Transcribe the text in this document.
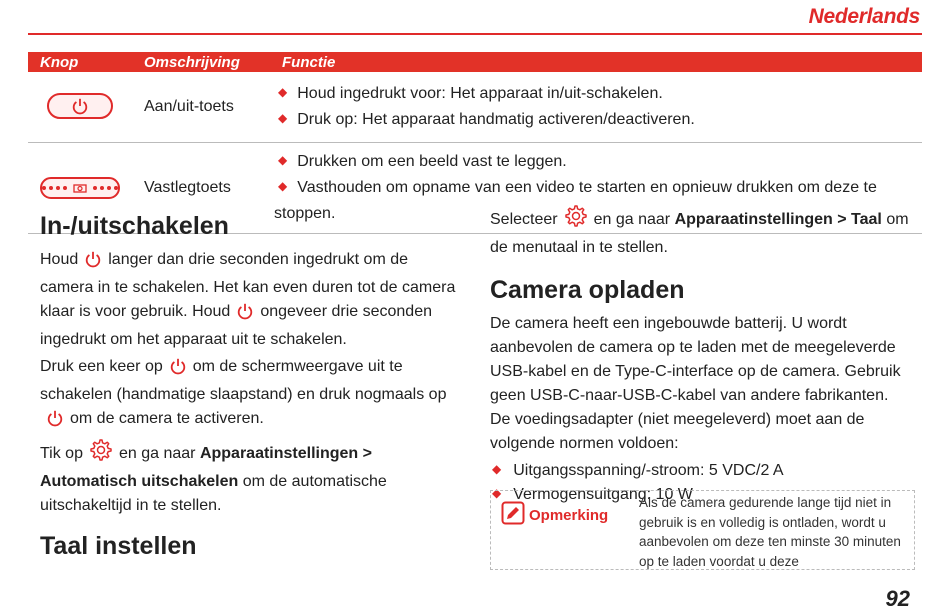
Nederlands
Knop	Omschrijving	Functie

	Aan/uit-toets	◆ Houd ingedrukt voor: Het apparaat in/uit-schakelen.
◆ Druk op: Het apparaat handmatig activeren/deactiveren.

	Vastlegtoets	◆ Drukken om een beeld vast te leggen.
◆ Vasthouden om opname van een video te starten en opnieuw drukken om deze te stoppen.
In-/uitschakelen

Houd langer dan drie seconden ingedrukt om de camera in te schakelen. Het kan even duren tot de camera klaar is voor gebruik. Houd ongeveer drie seconden ingedrukt om het apparaat uit te schakelen.

Druk een keer op om de schermweergave uit te schakelen (handmatige slaapstand) en druk nogmaals opom de camera te activeren.

Tik op en ga naar Apparaatinstellingen > Automatisch uitschakelen om de automatische uitschakeltijd in te stellen.

Taal instellen

Selecteer en ga naar Apparaatinstellingen > Taal om de menutaal in te stellen.

Camera opladen

De camera heeft een ingebouwde batterij. U wordt aanbevolen de camera op te laden met de meegeleverde USB-kabel en de Type-C-interface op de camera. Gebruik geen USB-C-naar-USB-C-kabel van andere fabrikanten. De voedingsadapter (niet meegeleverd) moet aan de volgende normen voldoen:

◆ Uitgangsspanning/-stroom: 5 VDC/2 A
◆ Vermogensuitgang: 10 W
Opmerking
Als de camera gedurende lange tijd niet in gebruik is en volledig is ontladen, wordt u aanbevolen om deze ten minste 30 minuten op te laden voordat u deze
92
